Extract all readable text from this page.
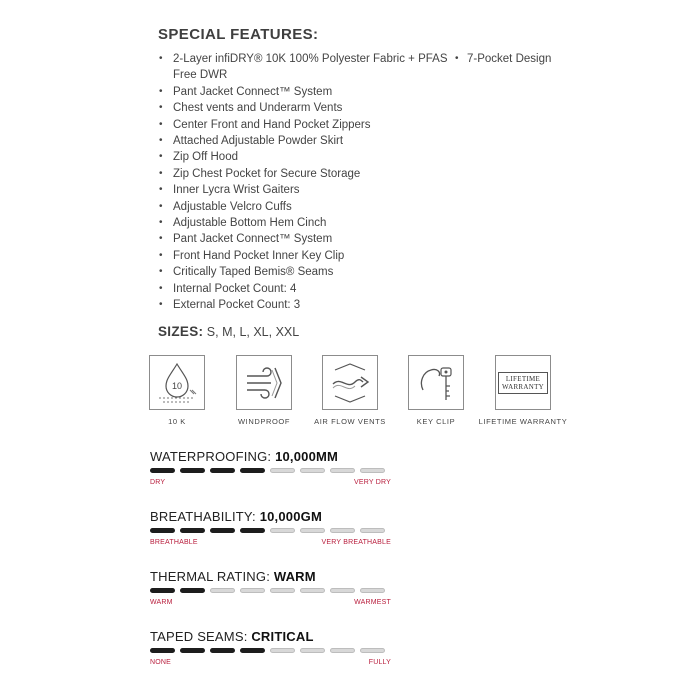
SPECIAL FEATURES:
• 2-Layer infiDRY® 10K 100% Polyester Fabric + PFAS Free DWR
• Pant Jacket Connect™ System
• Chest vents and Underarm Vents
• Center Front and Hand Pocket Zippers
• Attached Adjustable Powder Skirt
• Zip Off Hood
• Zip Chest Pocket for Secure Storage
• Inner Lycra Wrist Gaiters
• Adjustable Velcro Cuffs
• Adjustable Bottom Hem Cinch
• Pant Jacket Connect™ System
• Front Hand Pocket Inner Key Clip
• Critically Taped Bemis® Seams
• Internal Pocket Count: 4
• External Pocket Count: 3
• 7-Pocket Design
SIZES: S, M, L, XL, XXL
10
10 K	WINDPROOF	AIR FLOW VENTS	KEY CLIP
LIFETIME
WARRANTY
LIFETIME WARRANTY
WATERPROOFING: 10,000MM
DRY	VERY DRY
BREATHABILITY: 10,000GM
BREATHABLE	VERY BREATHABLE
THERMAL RATING: WARM
WARM	WARMEST
TAPED SEAMS: CRITICAL
NONE	FULLY
